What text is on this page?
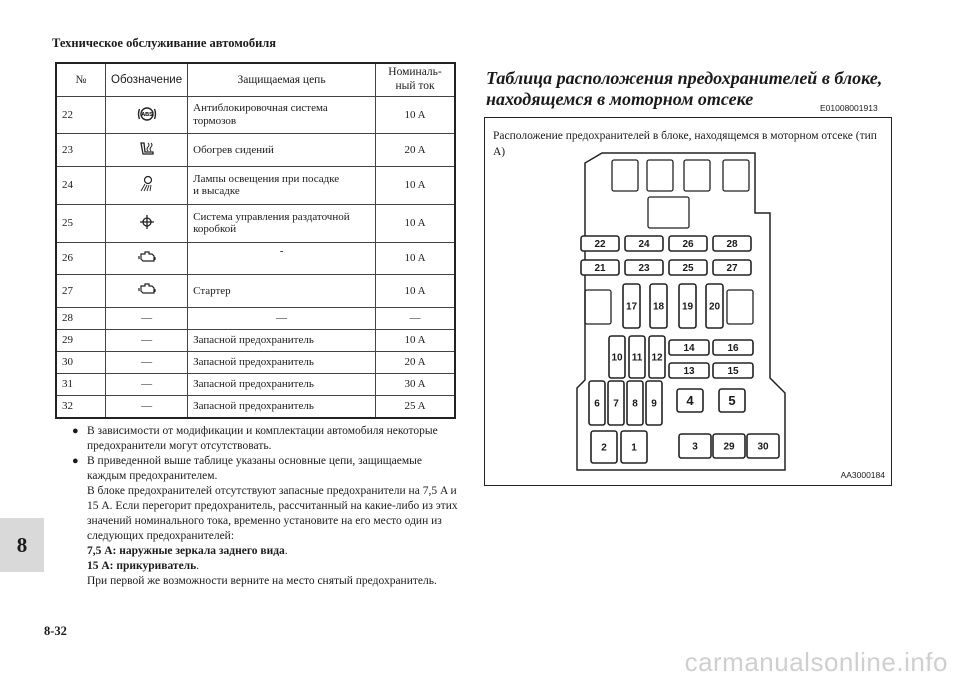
Техническое обслуживание автомобиля
№	Обозначение	Защищаемая цепь	Номиналь-
ный ток
22	ABS	Антиблокировочная система
тормозов	10 A
23		Обогрев сидений	20 A
24		Лампы освещения при посадке
и высадке	10 A
25		Система управления раздаточной
коробкой	10 A
26		-	10 A
27		Стартер	10 A
28	—	—	—
29	—	Запасной предохранитель	10 A
30	—	Запасной предохранитель	20 A
31	—	Запасной предохранитель	30 A
32	—	Запасной предохранитель	25 A

● В зависимости от модификации и комплектации автомобиля некоторые предохранители могут отсутствовать.

● В приведенной выше таблице указаны основные цепи, защищаемые каждым предохранителем.
В блоке предохранителей отсутствуют запасные предохранители на 7,5 A и 15 A. Если перегорит предохранитель, рассчитанный на какие-либо из этих значений номинального тока, временно установите на его место один из следующих предохранителей:
7,5 A: наружные зеркала заднего вида.
15 A: прикуриватель.
При первой же возможности верните на место снятый предохранитель.

Таблица расположения предохранителей в блоке, находящемся в моторном отсеке	E01008001913
22	24	26	28
21	23	25	27
17 18 19 20
10 11 12
14	16
13	15
6 7 8 9 4	5
2 1	3	29 30
Расположение предохранителей в блоке, находящемся в моторном отсеке (тип A)
AA3000184
8
8-32
carmanualsonline.info
